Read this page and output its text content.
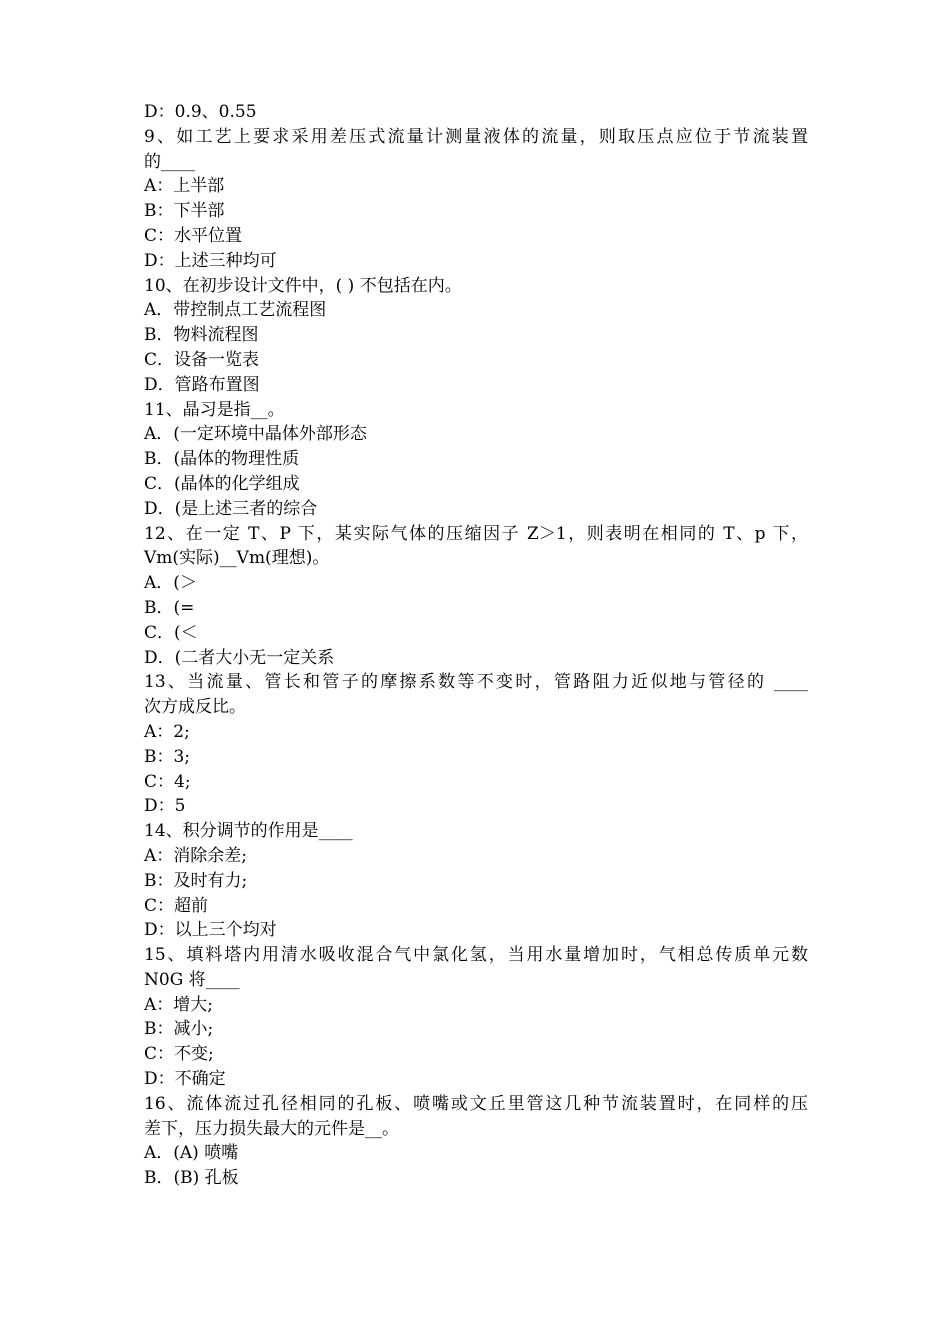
D：0.9、0.55
9、如工艺上要求采用差压式流量计测量液体的流量，则取压点应位于节流装置
的____
A：上半部
B：下半部
C：水平位置
D：上述三种均可
10、在初步设计文件中，( ) 不包括在内。
A．带控制点工艺流程图
B．物料流程图
C．设备一览表
D．管路布置图
11、晶习是指__。
A．(一定环境中晶体外部形态
B．(晶体的物理性质
C．(晶体的化学组成
D．(是上述三者的综合
12、在一定 T、P 下，某实际气体的压缩因子 Z＞1，则表明在相同的 T、p 下，
Vm(实际)__Vm(理想)。
A．(＞
B．(=
C．(＜
D．(二者大小无一定关系
13、当流量、管长和管子的摩擦系数等不变时，管路阻力近似地与管径的 ____
次方成反比。
A：2;
B：3;
C：4;
D：5
14、积分调节的作用是____
A：消除余差;
B：及时有力;
C：超前
D：以上三个均对
15、填料塔内用清水吸收混合气中氯化氢，当用水量增加时，气相总传质单元数
N0G 将____
A：增大;
B：减小;
C：不变;
D：不确定
16、流体流过孔径相同的孔板、喷嘴或文丘里管这几种节流装置时，在同样的压
差下，压力损失最大的元件是__。
A．(A) 喷嘴
B．(B) 孔板
